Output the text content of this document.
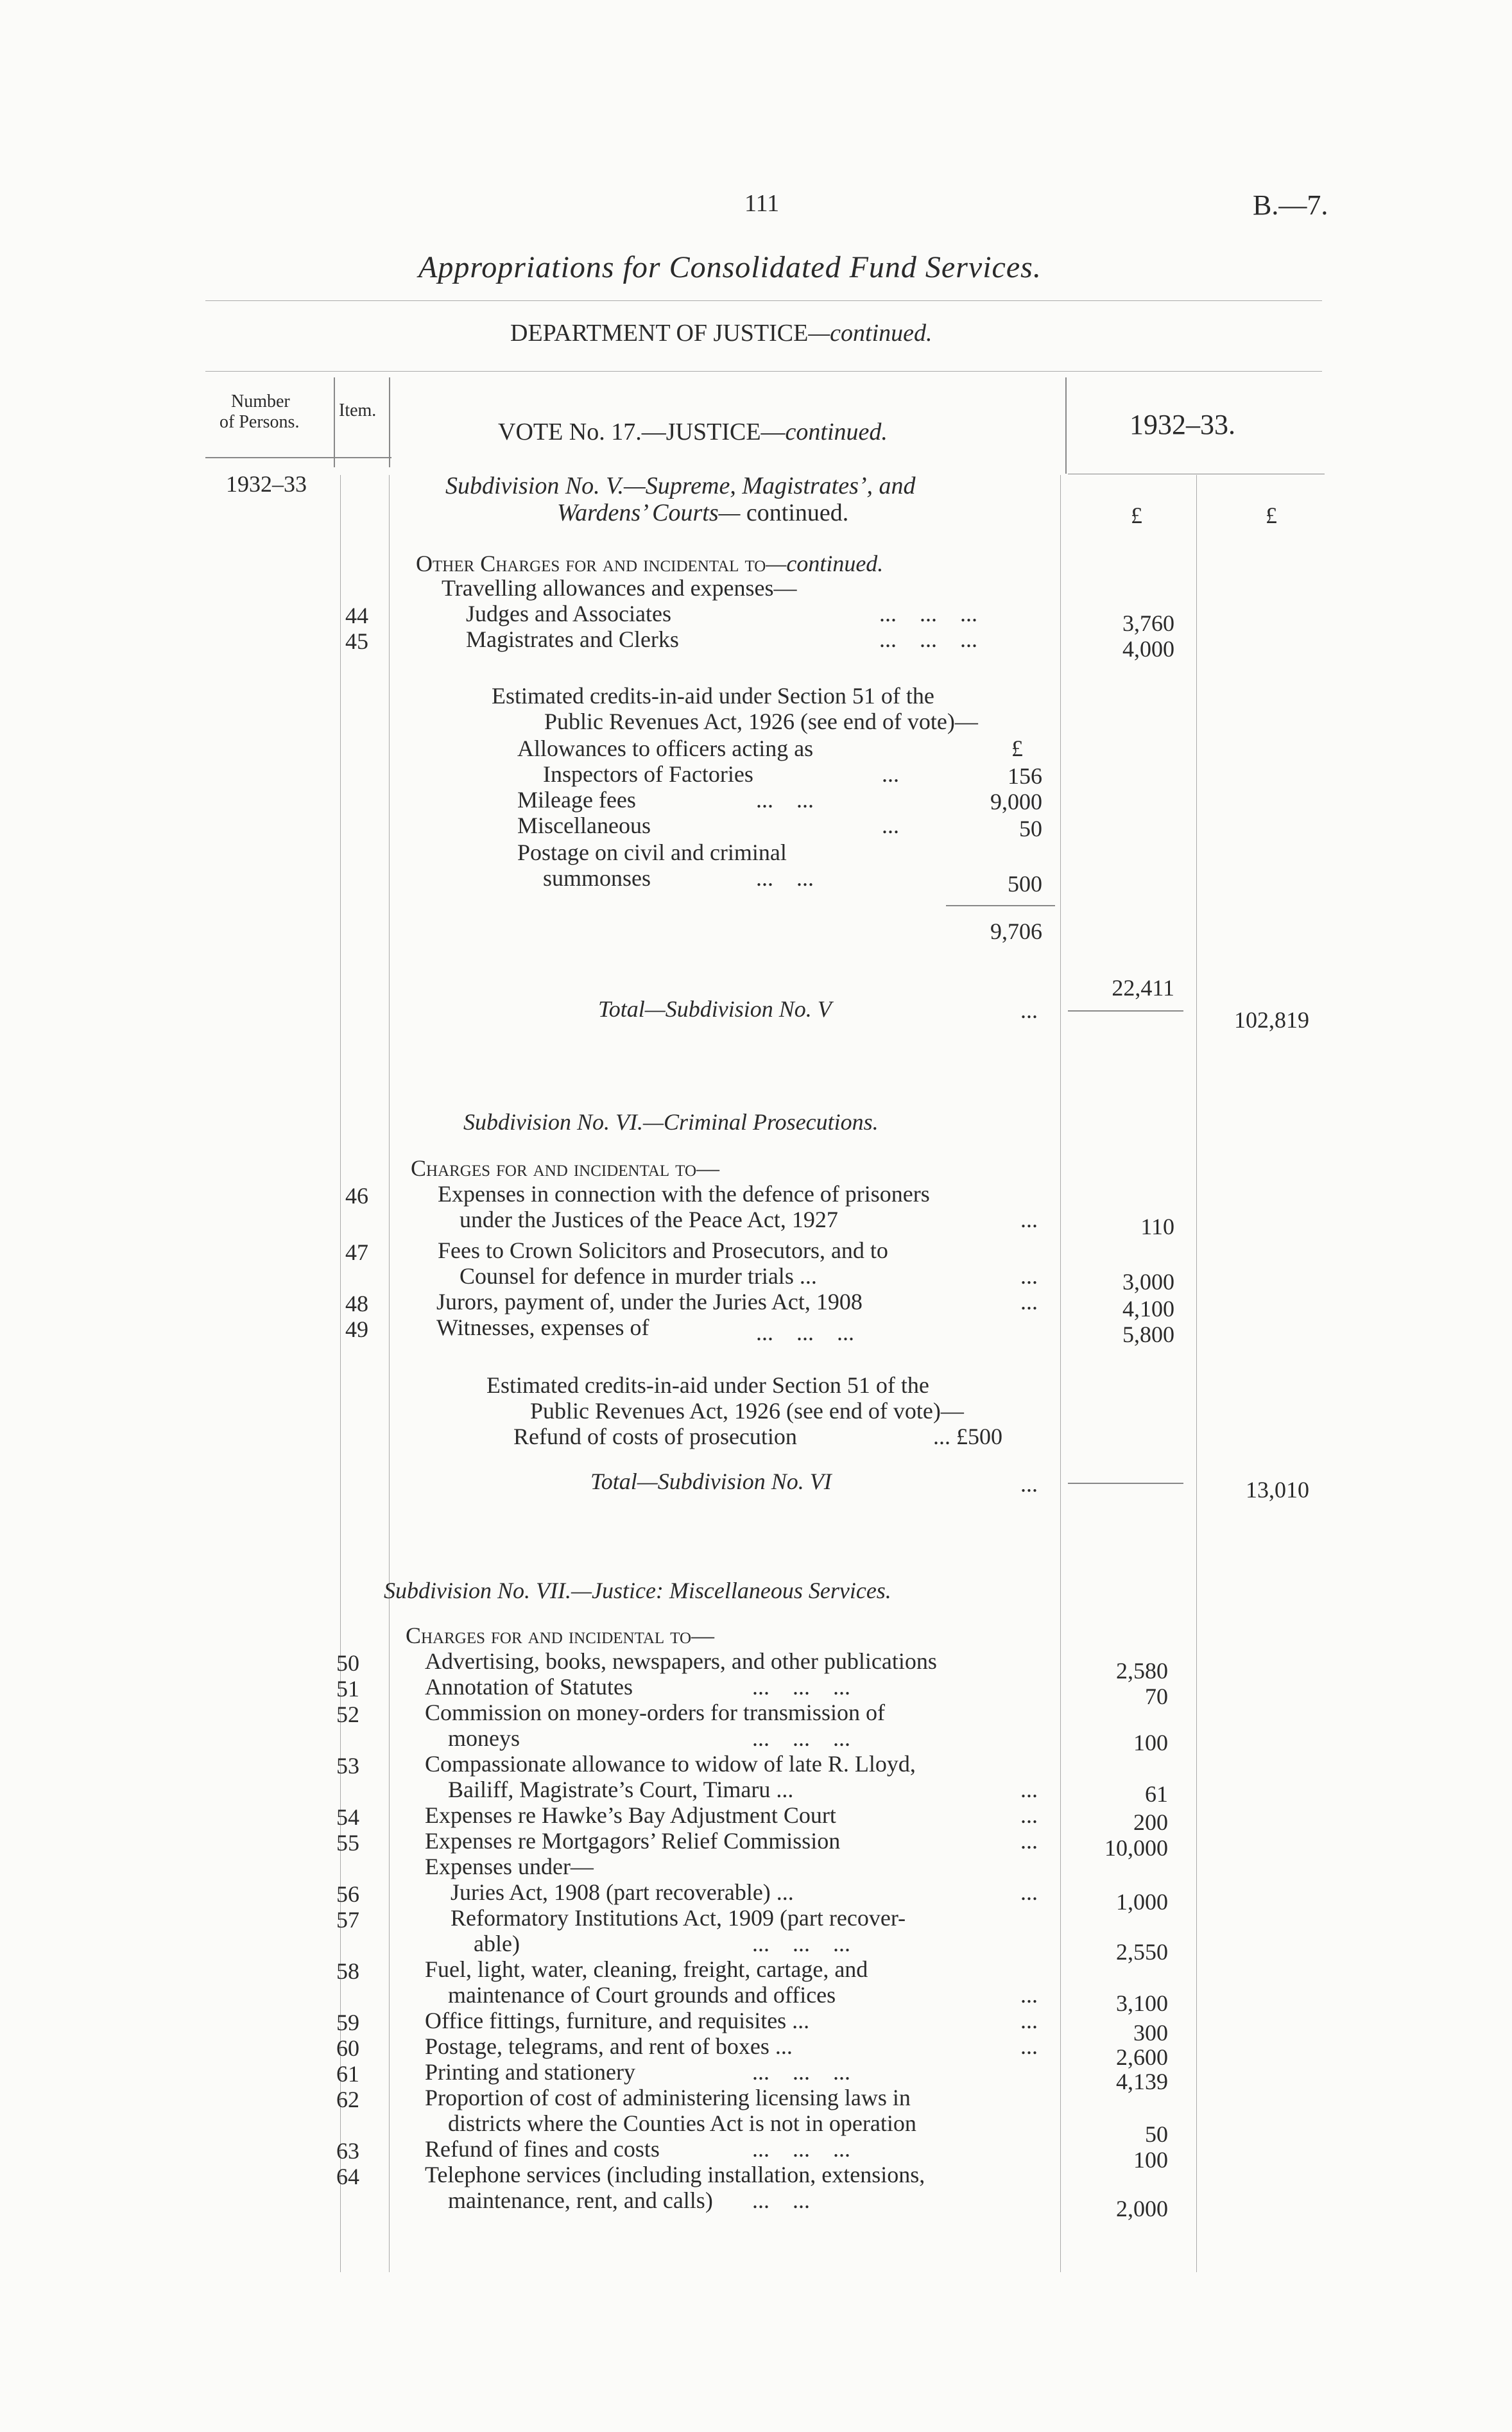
111	B.—7.
Appropriations for Consolidated Fund Services.
DEPARTMENT OF JUSTICE—continued.
Number
of Persons.
Item.
VOTE No. 17.—JUSTICE—continued.	1932–33.
1932–33
£	£
Subdivision No. V.—Supreme, Magistrates’, and
Wardens’ Courts— continued.
Other Charges for and incidental to—continued.
Travelling allowances and expenses—
44	Judges and Associates	...    ...    ...	3,760
45	Magistrates and Clerks	...    ...    ...	4,000
Estimated credits-in-aid under Section 51 of the
Public Revenues Act, 1926 (see end of vote)—
Allowances to officers acting as	£
Inspectors of Factories	...	156
Mileage fees	...    ...	9,000
Miscellaneous	...	50
Postage on civil and criminal
summonses	...    ...	500
9,706
22,411
Total—Subdivision No. V	...	102,819
Subdivision No. VI.—Criminal Prosecutions.
Charges for and incidental to—
46	Expenses in connection with the defence of prisoners
under the Justices of the Peace Act, 1927	...	110
47	Fees to Crown Solicitors and Prosecutors, and to
Counsel for defence in murder trials ...	...	3,000
48	Jurors, payment of, under the Juries Act, 1908	...	4,100
49	Witnesses, expenses of	...    ...    ...	5,800
Estimated credits-in-aid under Section 51 of the
Public Revenues Act, 1926 (see end of vote)—
Refund of costs of prosecution	... £500
Total—Subdivision No. VI	...	13,010
Subdivision No. VII.—Justice: Miscellaneous Services.
Charges for and incidental to—
50	Advertising, books, newspapers, and other publications	2,580
51	Annotation of Statutes	...    ...    ...	70
52	Commission on money-orders for transmission of
moneys	...    ...    ...	100
53	Compassionate allowance to widow of late R. Lloyd,
Bailiff, Magistrate’s Court, Timaru ...	...	61
54	Expenses re Hawke’s Bay Adjustment Court	...	200
55	Expenses re Mortgagors’ Relief Commission	...	10,000
Expenses under—
56	Juries Act, 1908 (part recoverable) ...	...	1,000
57	Reformatory Institutions Act, 1909 (part recover-
able)	...    ...    ...	2,550
58	Fuel, light, water, cleaning, freight, cartage, and
maintenance of Court grounds and offices	...	3,100
59	Office fittings, furniture, and requisites ...	...	300
60	Postage, telegrams, and rent of boxes ...	...	2,600
61	Printing and stationery	...    ...    ...	4,139
62	Proportion of cost of administering licensing laws in
districts where the Counties Act is not in operation	50
63	Refund of fines and costs	...    ...    ...	100
64	Telephone services (including installation, extensions,
maintenance, rent, and calls) ...    ...	2,000
